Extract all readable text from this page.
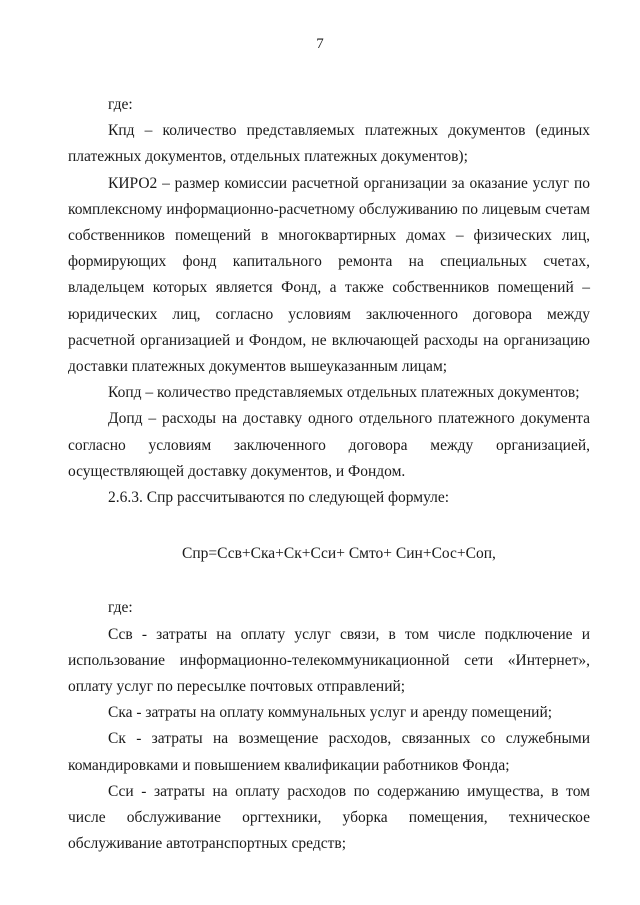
7

где:

Кпд – количество представляемых платежных документов (единых платежных документов, отдельных платежных документов);

КИРО2 – размер комиссии расчетной организации за оказание услуг по комплексному информационно-расчетному обслуживанию по лицевым счетам собственников помещений в многоквартирных домах – физических лиц, формирующих фонд капитального ремонта на специальных счетах, владельцем которых является Фонд, а также собственников помещений – юридических лиц, согласно условиям заключенного договора между расчетной организацией и Фондом, не включающей расходы на организацию доставки платежных документов вышеуказанным лицам;

Копд – количество представляемых отдельных платежных документов;

Допд – расходы на доставку одного отдельного платежного документа согласно условиям заключенного договора между организацией, осуществляющей доставку документов, и Фондом.

2.6.3. Спр рассчитываются по следующей формуле:

Спр=Ссв+Ска+Ск+Сси+ Смто+ Син+Сос+Соп,

где:

Ссв - затраты на оплату услуг связи, в том числе подключение и использование информационно-телекоммуникационной сети «Интернет», оплату услуг по пересылке почтовых отправлений;

Ска - затраты на оплату коммунальных услуг и аренду помещений;

Ск - затраты на возмещение расходов, связанных со служебными командировками и повышением квалификации работников Фонда;

Сси - затраты на оплату расходов по содержанию имущества, в том числе обслуживание оргтехники, уборка помещения, техническое обслуживание автотранспортных средств;
